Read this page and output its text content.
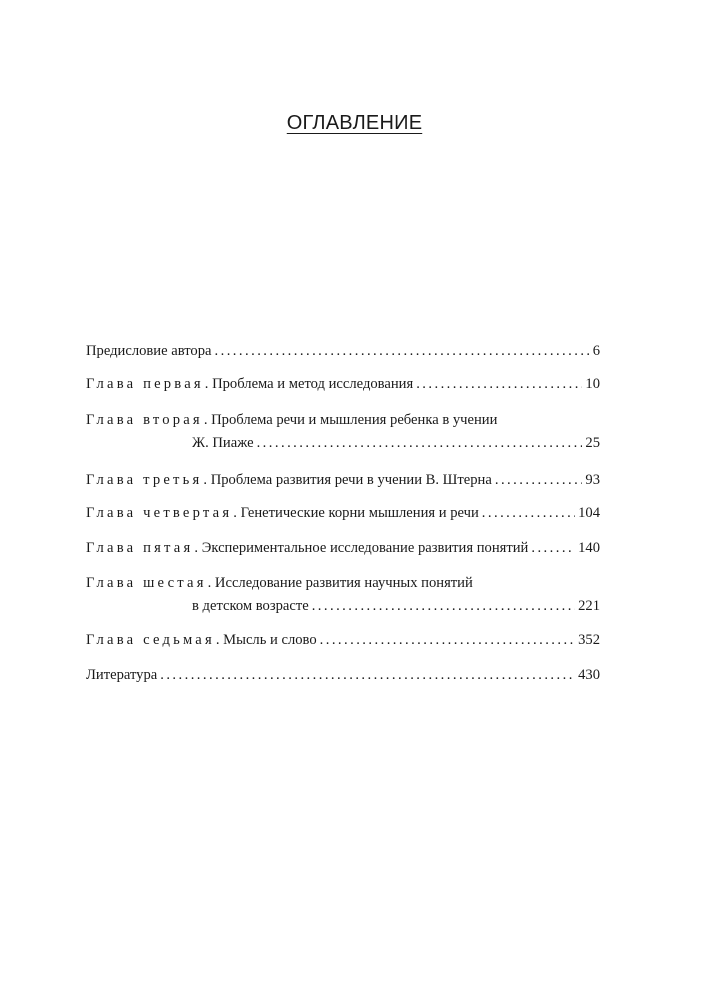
ОГЛАВЛЕНИЕ
Предисловие автора . . .	6
Глава первая . Проблема и метод исследования . . .	10
Глава вторая . Проблема речи и мышления ребенка в учении
Ж. Пиаже . . .	25
Глава третья . Проблема развития речи в учении В. Штерна . . .	93
Глава четвертая . Генетические корни мышления и речи . . .	104
Глава пятая . Экспериментальное исследование развития понятий . . .	140
Глава шестая . Исследование развития научных понятий
в детском возрасте . . .	221
Глава седьмая . Мысль и слово . . .	352
Литература . . .	430
